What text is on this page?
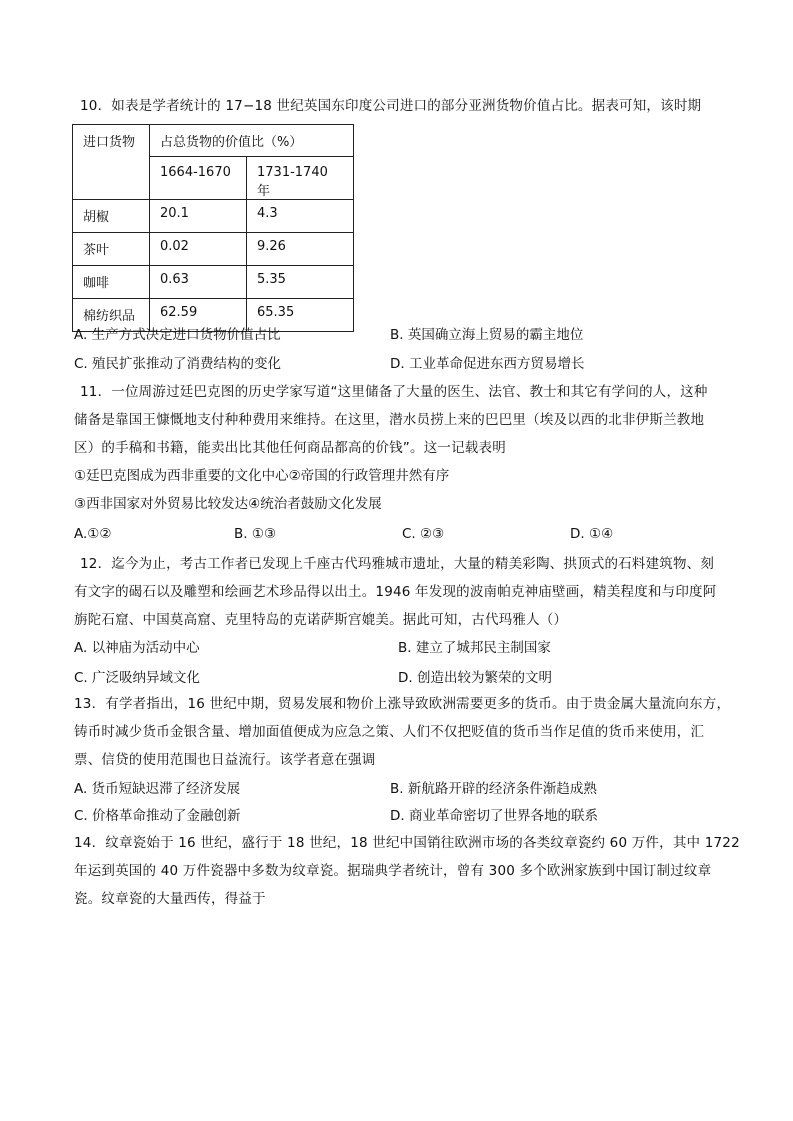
10．如表是学者统计的 17−18 世纪英国东印度公司进口的部分亚洲货物价值占比。据表可知，该时期
进口货物	占总货物的价值比（%）	
	1664-1670	1731-1740 年
胡椒	20.1	4.3
茶叶	0.02	9.26
咖啡	0.63	5.35
棉纺织品	62.59	65.35
A. 生产方式决定进口货物价值占比	B. 英国确立海上贸易的霸主地位
C. 殖民扩张推动了消费结构的变化	D. 工业革命促进东西方贸易增长
11．一位周游过廷巴克图的历史学家写道“这里储备了大量的医生、法官、教士和其它有学问的人，这种
储备是靠国王慷慨地支付种种费用来维持。在这里，潜水员捞上来的巴巴里（埃及以西的北非伊斯兰教地
区）的手稿和书籍，能卖出比其他任何商品都高的价钱”。这一记载表明
①廷巴克图成为西非重要的文化中心②帝国的行政管理井然有序
③西非国家对外贸易比较发达④统治者鼓励文化发展
A.①②	B. ①③	C. ②③	D. ①④
12．迄今为止，考古工作者已发现上千座古代玛雅城市遗址，大量的精美彩陶、拱顶式的石料建筑物、刻
有文字的碣石以及雕塑和绘画艺术珍品得以出土。1946 年发现的波南帕克神庙壁画，精美程度和与印度阿
旃陀石窟、中国莫高窟、克里特岛的克诺萨斯宫媲美。据此可知，古代玛雅人（）
A. 以神庙为活动中心	B. 建立了城邦民主制国家
C. 广泛吸纳异域文化	D. 创造出较为繁荣的文明
13．有学者指出，16 世纪中期，贸易发展和物价上涨导致欧洲需要更多的货币。由于贵金属大量流向东方，
铸币时减少货币金银含量、增加面值便成为应急之策、人们不仅把贬值的货币当作足值的货币来使用，汇
票、信贷的使用范围也日益流行。该学者意在强调
A. 货币短缺迟滞了经济发展	B. 新航路开辟的经济条件渐趋成熟
C. 价格革命推动了金融创新	D. 商业革命密切了世界各地的联系
14．纹章瓷始于 16 世纪，盛行于 18 世纪，18 世纪中国销往欧洲市场的各类纹章瓷约 60 万件，其中 1722
年运到英国的 40 万件瓷器中多数为纹章瓷。据瑞典学者统计，曾有 300 多个欧洲家族到中国订制过纹章
瓷。纹章瓷的大量西传，得益于
